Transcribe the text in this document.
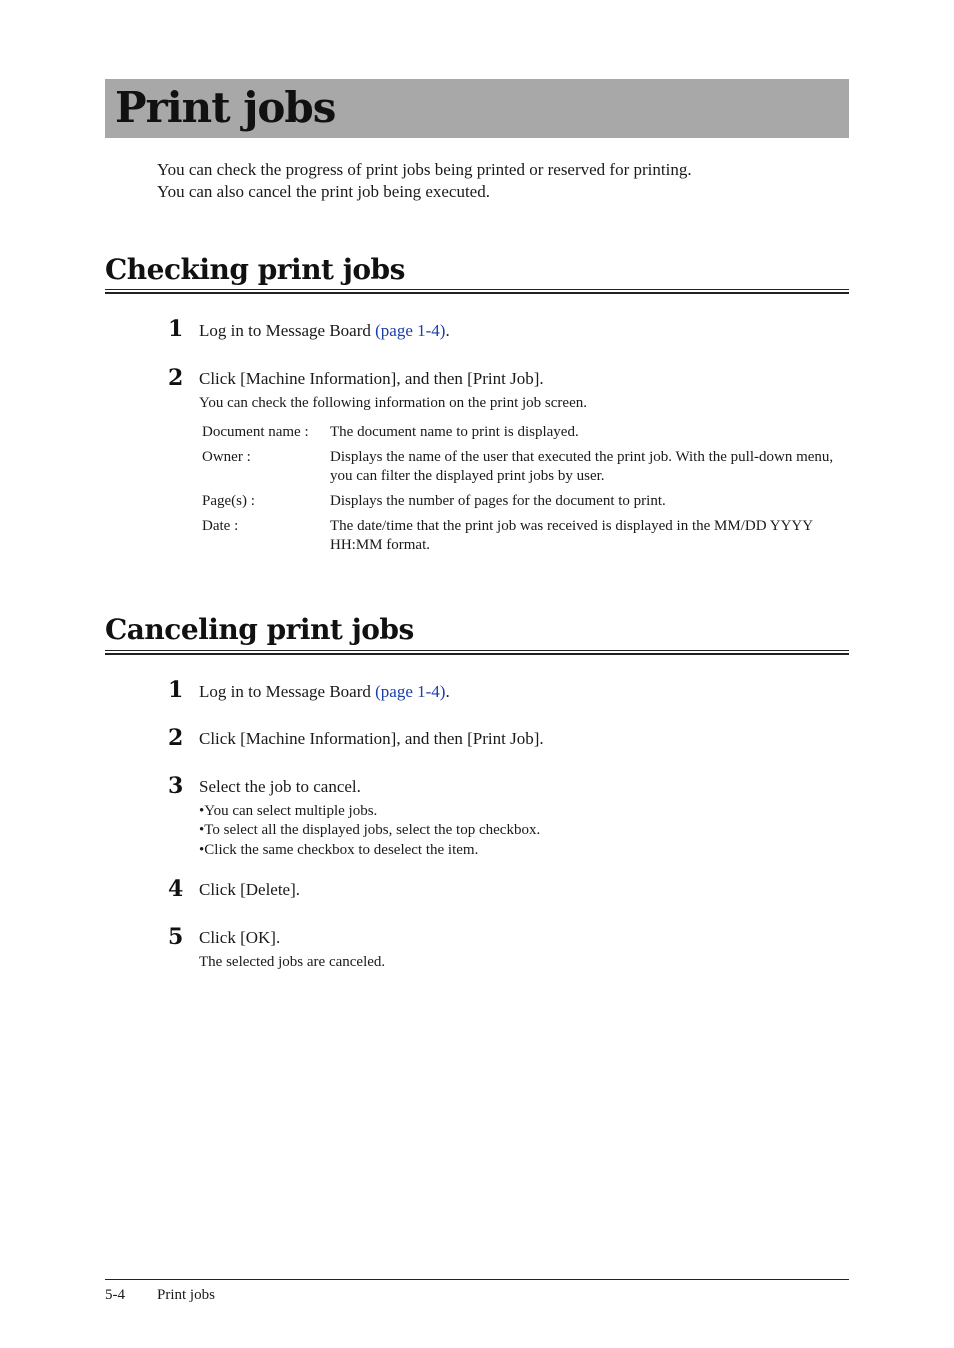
Print jobs
You can check the progress of print jobs being printed or reserved for printing.
You can also cancel the print job being executed.
Checking print jobs
1 Log in to Message Board (page 1-4).
2 Click [Machine Information], and then [Print Job].
You can check the following information on the print job screen.
Document name : The document name to print is displayed.
Owner :	Displays the name of the user that executed the print job. With the pull-down menu, you can filter the displayed print jobs by user.
Page(s) :	Displays the number of pages for the document to print.
Date :	The date/time that the print job was received is displayed in the MM/DD YYYY HH:MM format.
Canceling print jobs
1 Log in to Message Board (page 1-4).
2 Click [Machine Information], and then [Print Job].
3 Select the job to cancel.
•You can select multiple jobs.
•To select all the displayed jobs, select the top checkbox.
•Click the same checkbox to deselect the item.
4 Click [Delete].
5 Click [OK].
The selected jobs are canceled.
5-4 Print jobs
